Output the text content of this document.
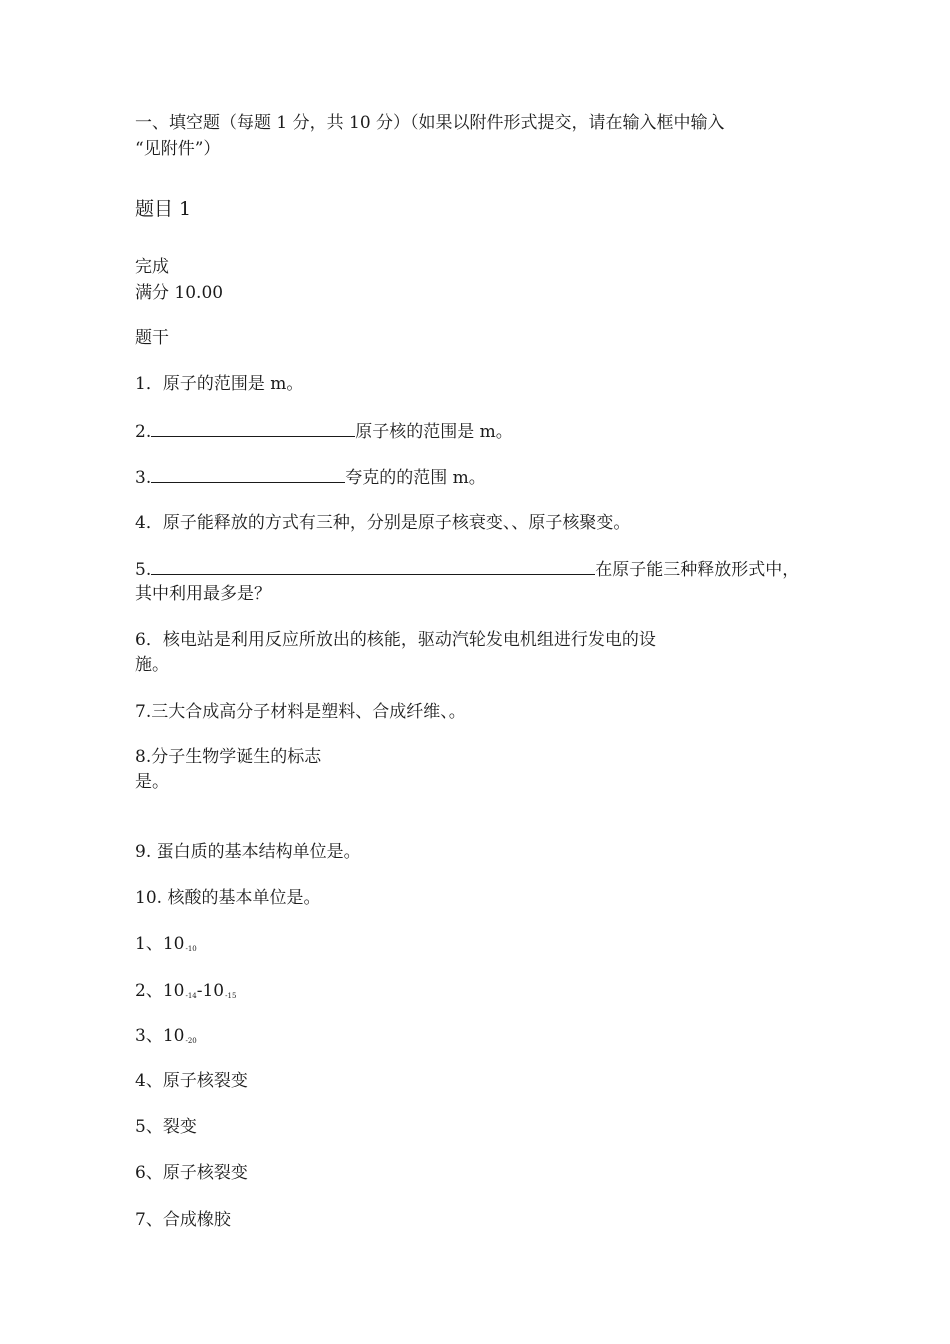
一、填空题（每题 1 分，共 10 分）（如果以附件形式提交，请在输入框中输入
“见附件”）
题目 1
完成
满分 10.00
题干
1．原子的范围是 m。
2.	原子核的范围是 m。
3.	夸克的的范围 m。
4．原子能释放的方式有三种，分别是原子核衰变、、原子核聚变。
5.	在原子能三种释放形式中，
其中利用最多是？
6．核电站是利用反应所放出的核能，驱动汽轮发电机组进行发电的设
施。
7.三大合成高分子材料是塑料、合成纤维、。
8.分子生物学诞生的标志
是。
9. 蛋白质的基本结构单位是。
10. 核酸的基本单位是。
1、$10_{-10}$
2、$10_{-14}-10_{-15}$
3、$10_{-20}$
4、原子核裂变
5、裂变
6、原子核裂变
7、合成橡胶
